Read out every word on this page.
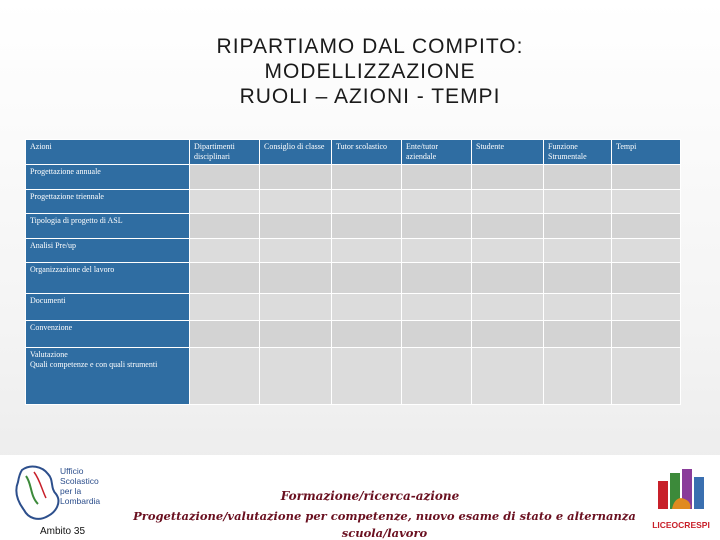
RIPARTIAMO DAL COMPITO:
MODELLIZZAZIONE
RUOLI – AZIONI - TEMPI
Azioni	Dipartimenti disciplinari	Consiglio di classe	Tutor scolastico	Ente/tutor aziendale	Studente	Funzione Strumentale	Tempi
Progettazione annuale							
Progettazione triennale							
Tipologia di progetto di ASL							
Analisi Pre/up							
Organizzazione del lavoro							
Documenti							
Convenzione							
Valutazione
Quali competenze e con quali strumenti							
Ufficio
Scolastico
per la
Lombardia
Ambito 35
Formazione/ricerca-azione
Progettazione/valutazione per competenze, nuovo esame di stato e alternanza scuola/lavoro
LICEOCRESPI
